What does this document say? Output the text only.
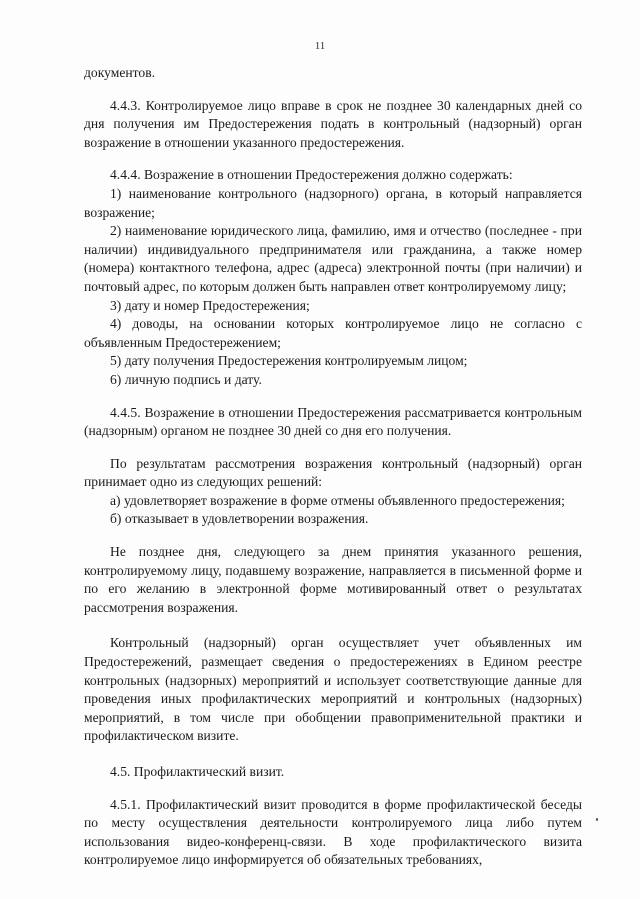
11

документов.

4.4.3. Контролируемое лицо вправе в срок не позднее 30 календарных дней со дня получения им Предостережения подать в контрольный (надзорный) орган возражение в отношении указанного предостережения.

4.4.4. Возражение в отношении Предостережения должно содержать:

1) наименование контрольного (надзорного) органа, в который направляется возражение;

2) наименование юридического лица, фамилию, имя и отчество (последнее - при наличии) индивидуального предпринимателя или гражданина, а также номер (номера) контактного телефона, адрес (адреса) электронной почты (при наличии) и почтовый адрес, по которым должен быть направлен ответ контролируемому лицу;

3) дату и номер Предостережения;

4) доводы, на основании которых контролируемое лицо не согласно с объявленным Предостережением;

5) дату получения Предостережения контролируемым лицом;

6) личную подпись и дату.

4.4.5. Возражение в отношении Предостережения рассматривается контрольным (надзорным) органом не позднее 30 дней со дня его получения.

По результатам рассмотрения возражения контрольный (надзорный) орган принимает одно из следующих решений:

а) удовлетворяет возражение в форме отмены объявленного предостережения;

б) отказывает в удовлетворении возражения.

Не позднее дня, следующего за днем принятия указанного решения, контролируемому лицу, подавшему возражение, направляется в письменной форме и по его желанию в электронной форме мотивированный ответ о результатах рассмотрения возражения.

Контрольный (надзорный) орган осуществляет учет объявленных им Предостережений, размещает сведения о предостережениях в Едином реестре контрольных (надзорных) мероприятий и использует соответствующие данные для проведения иных профилактических мероприятий и контрольных (надзорных) мероприятий, в том числе при обобщении правоприменительной практики и профилактическом визите.

4.5. Профилактический визит.

4.5.1. Профилактический визит проводится в форме профилактической беседы по месту осуществления деятельности контролируемого лица либо путем использования видео-конференц-связи. В ходе профилактического визита контролируемое лицо информируется об обязательных требованиях,
